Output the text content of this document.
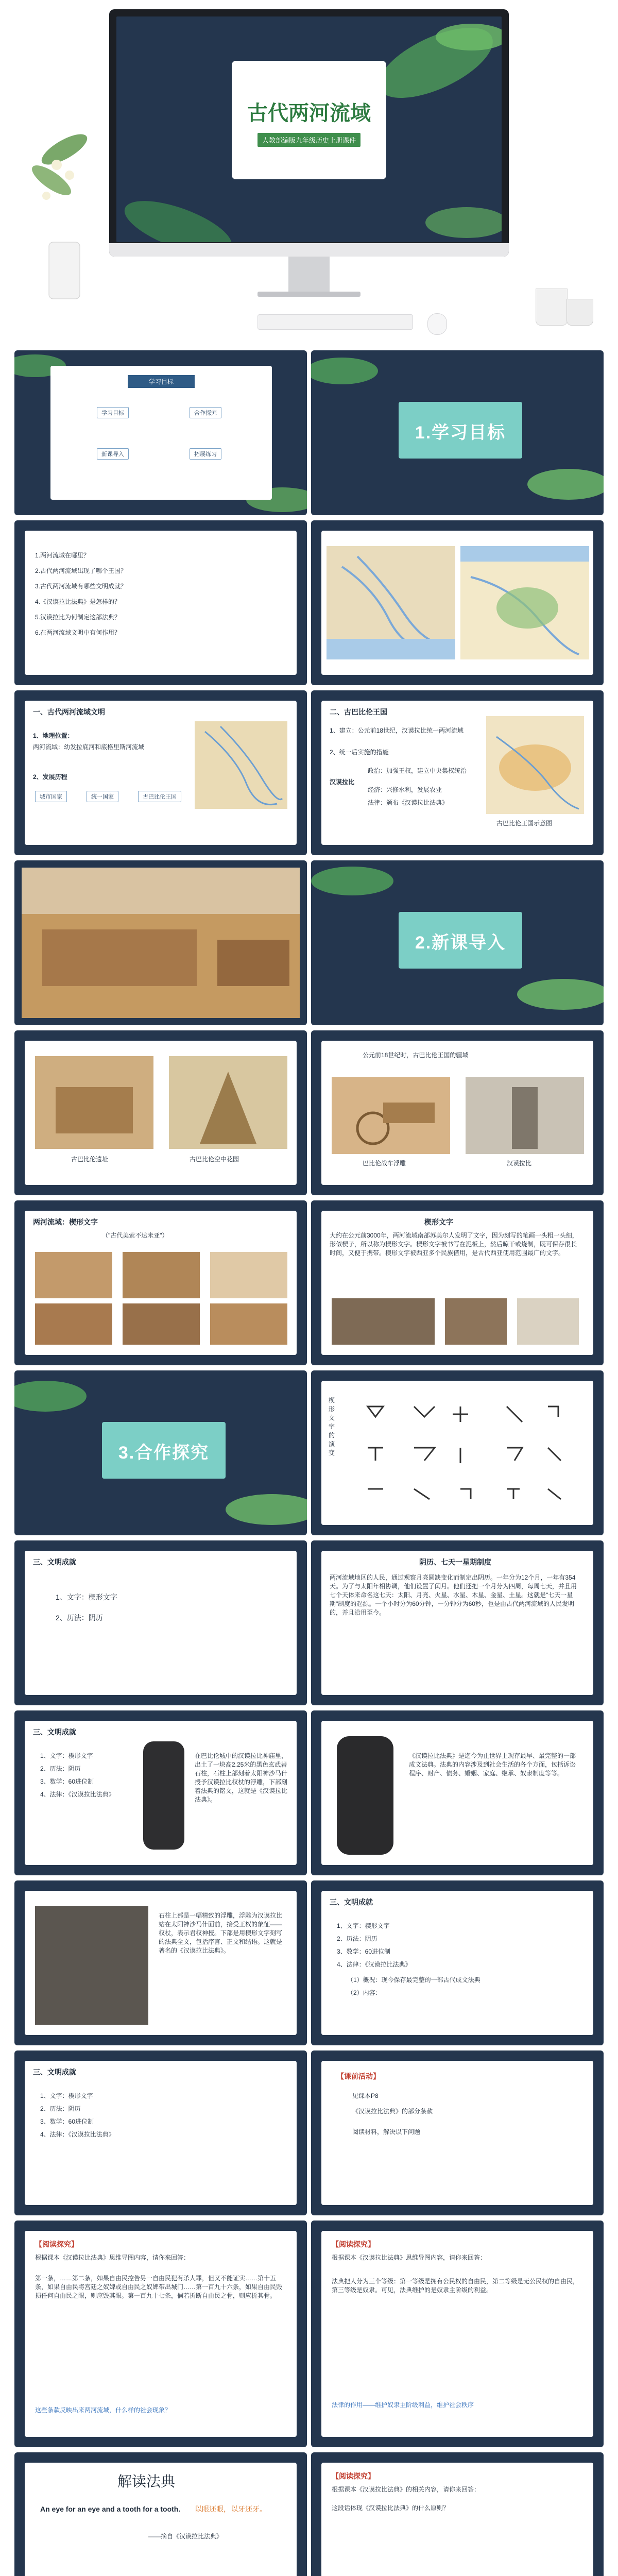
古代两河流域
人教部编版九年级历史上册课件
学习目标
学习目标
新课导入
合作探究
拓展练习
1.学习目标
1.两河流域在哪里？
2.古代两河流域出现了哪个王国？
3.古代两河流域有哪些文明成就？
4.《汉谟拉比法典》是怎样的？
5.汉谟拉比为何制定这部法典？
6.在两河流域文明中有何作用？
一、古代两河流域文明
1、地理位置：
两河流域：幼发拉底河和底格里斯河流域
2、发展历程
城市国家	统一国家	古巴比伦王国
二、古巴比伦王国
1、建立：公元前18世纪，汉谟拉比统一两河流域
2、统一后实施的措施
汉谟拉比
政治：加强王权，建立中央集权统治
经济：兴修水利，发展农业
法律：颁布《汉谟拉比法典》
古巴比伦王国示意图
2.新课导入
古巴比伦遗址	古巴比伦空中花园
公元前18世纪时，古巴比伦王国的疆域
巴比伦战车浮雕	汉谟拉比
两河流域：楔形文字
（"古代美索不达米亚"）
楔形文字
大约在公元前3000年，两河流域南部苏美尔人发明了文字，因为刻写的笔画一头粗一头细，形似楔子，所以称为楔形文字。楔形文字被书写在泥板上，然后晾干或烧制，既可保存很长时间，又便于携带。楔形文字被西亚多个民族借用，是古代西亚使用范围最广的文字。
3.合作探究
楔形文字的演变
三、文明成就
1、文字：楔形文字
2、历法：阴历
阴历、七天一星期制度
两河流域地区的人民，通过观察月亮圆缺变化而制定出阴历。一年分为12个月，一年有354天。为了与太阳年相协调，他们设置了闰月。他们还把一个月分为四周，每周七天，并且用七个天体来命名这七天：太阳、月亮、火星、水星、木星、金星、土星。这就是"七天一星期"制度的起源。一个小时分为60分钟，一分钟分为60秒，也是由古代两河流域的人民发明的，并且沿用至今。
三、文明成就
1、文字：楔形文字
2、历法：阴历
3、数学：60进位制
4、法律：《汉谟拉比法典》
在巴比伦城中的汉谟拉比神庙里，出土了一块高2.25米的黑色玄武岩石柱，石柱上部刻着太阳神沙马什授予汉谟拉比权杖的浮雕，下部刻着法典的铭文，这就是《汉谟拉比法典》。
《汉谟拉比法典》是迄今为止世界上现存最早、最完整的一部成文法典。法典的内容涉及到社会生活的各个方面，包括诉讼程序、财产、债务、婚姻、家庭、继承、奴隶制度等等。
石柱上部是一幅精致的浮雕，浮雕为汉谟拉比站在太阳神沙马什面前，接受王权的象征——权杖，表示君权神授。下部是用楔形文字刻写的法典全文，包括序言、正文和结语。这就是著名的《汉谟拉比法典》。
三、文明成就
1、文字：楔形文字
2、历法：阴历
3、数学：60进位制
4、法律：《汉谟拉比法典》
（1）概况：现今保存最完整的一部古代成文法典
（2）内容：
三、文明成就
1、文字：楔形文字
2、历法：阴历
3、数学：60进位制
4、法律：《汉谟拉比法典》
【课前活动】
见课本P8
《汉谟拉比法典》的部分条款
阅读材料，解决以下问题
【阅读探究】
根据课本《汉谟拉比法典》思维导图内容，请你来回答：
第一条，……第二条，如果自由民控告另一自由民犯有杀人罪，但又不能证实……第十五条，如果自由民将宫廷之奴婢或自由民之奴婢带出城门……第一百九十六条，如果自由民毁损任何自由民之眼，则应毁其眼。第一百九十七条，倘若折断自由民之骨，则应折其骨。
这些条款反映出来两河流域，什么样的社会现象？
【阅读探究】
根据课本《汉谟拉比法典》思维导图内容，请你来回答：
法典把人分为三个等级：第一等级是拥有公民权的自由民，第二等级是无公民权的自由民，第三等级是奴隶。可见，法典维护的是奴隶主阶级的利益。
法律的作用——维护奴隶主阶级利益，维护社会秩序
解读法典
An eye for an eye and a tooth for a tooth.	以眼还眼，以牙还牙。
——摘自《汉谟拉比法典》
【阅读探究】
根据课本《汉谟拉比法典》的相关内容，请你来回答：
这段话体现《汉谟拉比法典》的什么原则？
